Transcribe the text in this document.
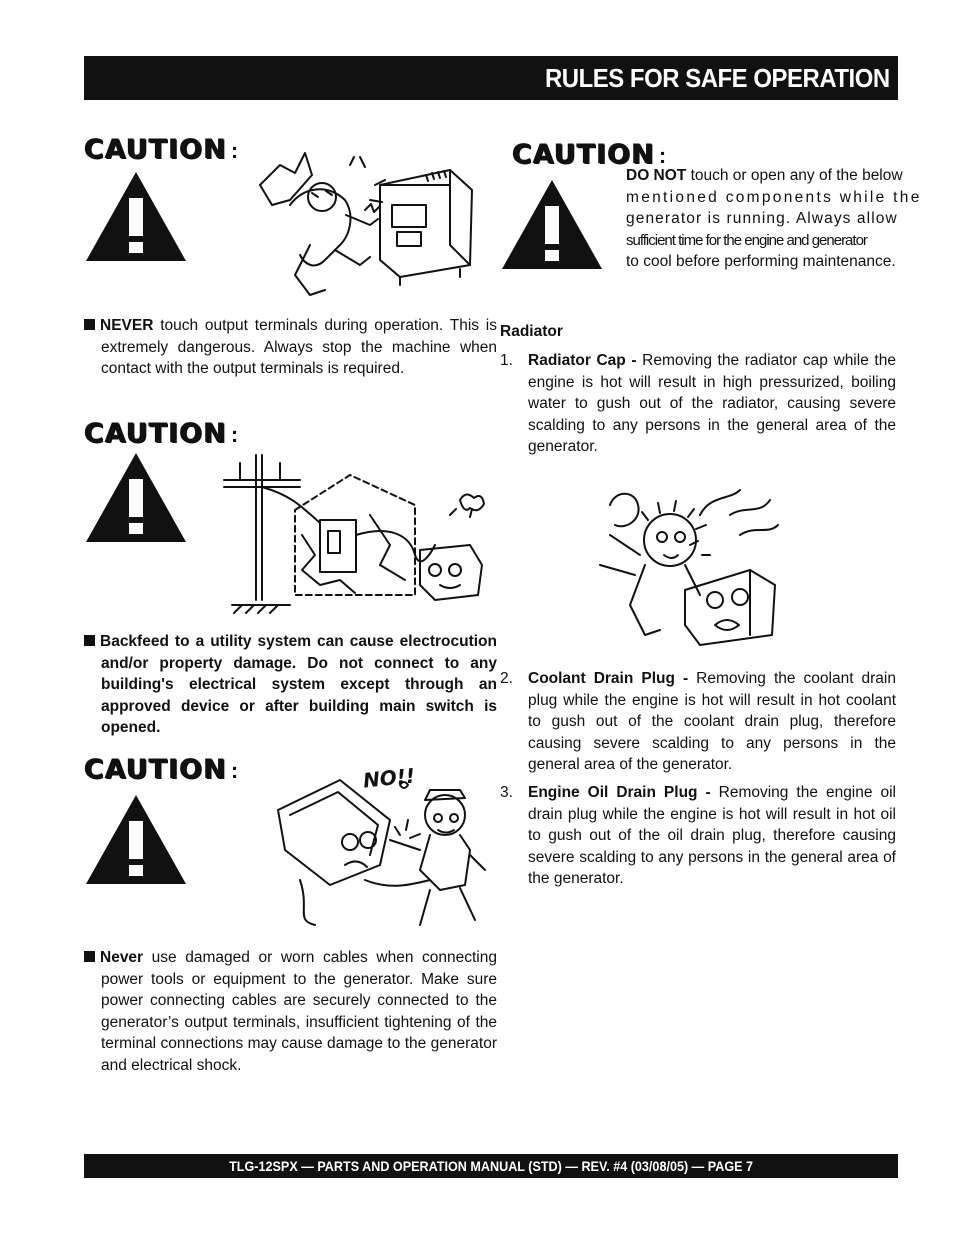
RULES FOR SAFE OPERATION
CAUTION :
NEVER touch output terminals during operation. This is extremely dangerous. Always stop the machine when contact with the output terminals is required.
CAUTION :
Backfeed to a utility system can cause electrocution and/or property damage. Do not connect to any building's electrical system except through an approved device or after building main switch is opened.
CAUTION :	NO!!
Never use damaged or worn cables when connecting power tools or equipment to the generator. Make sure power connecting cables are securely connected to the generator’s output terminals, insufficient tightening of the terminal connections may cause damage to the generator and electrical shock.
CAUTION :
DO NOT touch or open any of the below
mentioned components while the
generator is running. Always allow
sufficient time for the engine and generator
to cool before performing maintenance.
Radiator
1. Radiator Cap - Removing the radiator cap while the engine is hot will result in high pressurized, boiling water to gush out of the radiator, causing severe scalding to any persons in the general area of the generator.
2. Coolant Drain Plug - Removing the coolant drain plug while the engine is hot will result in hot coolant to gush out of the coolant drain plug, therefore causing severe scalding to any persons in the general area of the generator.
3. Engine Oil Drain Plug - Removing the engine oil drain plug while the engine is hot will result in hot oil to gush out of the oil drain plug, therefore causing severe scalding to any persons in the general area of the generator.
TLG-12SPX — PARTS AND OPERATION MANUAL (STD) — REV. #4 (03/08/05) — PAGE 7
